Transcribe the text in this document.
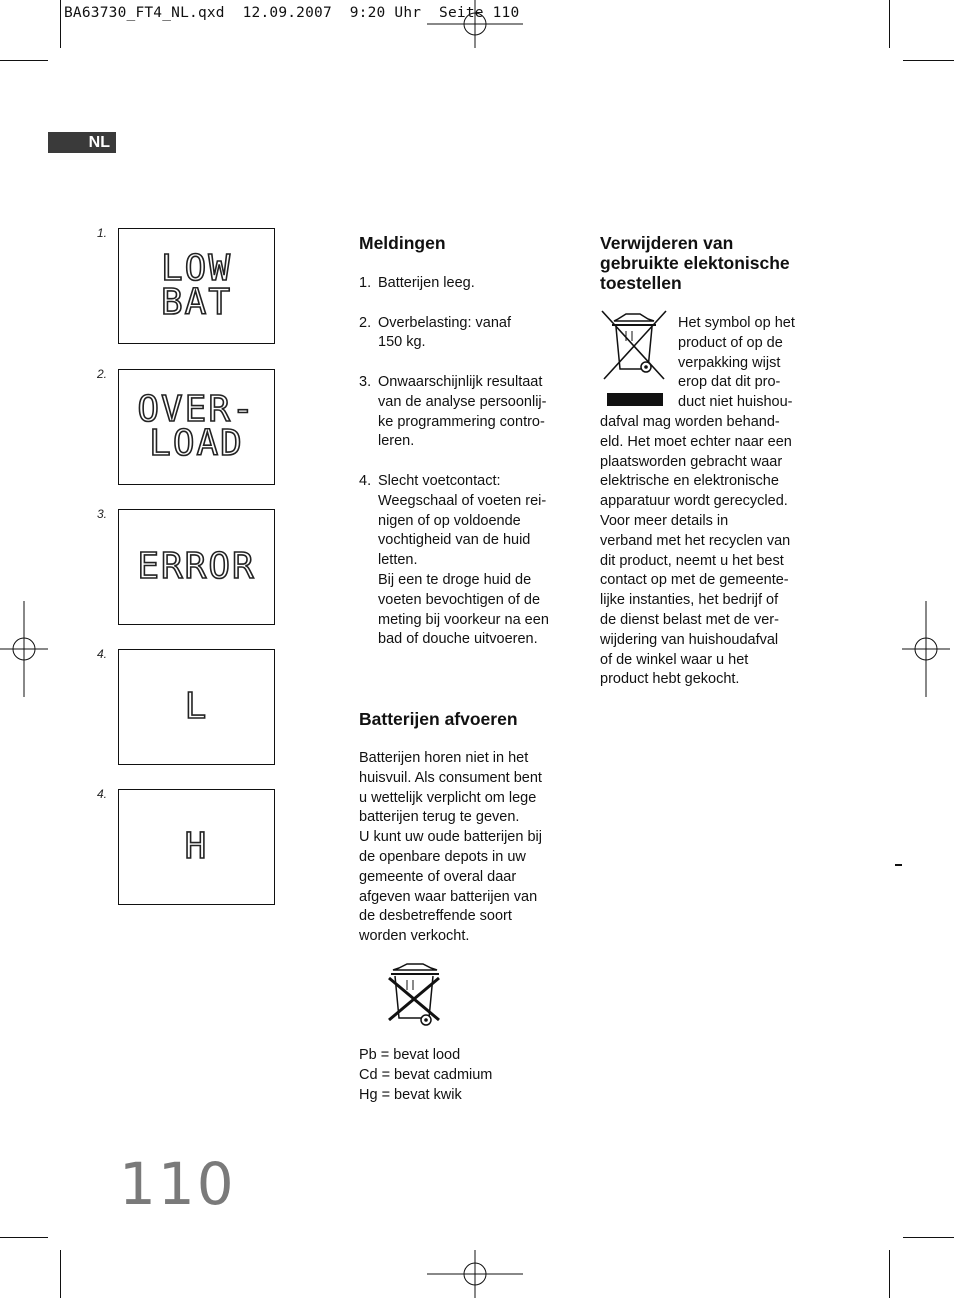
BA63730_FT4_NL.qxd  12.09.2007  9:20 Uhr  Seite 110
NL
1.
LOW
BAT
2.
OVER-
LOAD
3.
ERROR
4.
L
4.
H
Meldingen
1. Batterijen leeg.
2. Overbelasting: vanaf
150 kg.
3. Onwaarschijnlijk resultaat
van de analyse persoonlij-
ke programmering contro-
leren.
4. Slecht voetcontact:
Weegschaal of voeten rei-
nigen of op voldoende
vochtigheid van de huid
letten.
Bij een te droge huid de
voeten bevochtigen of de
meting bij voorkeur na een
bad of douche uitvoeren.
Batterijen afvoeren
Batterijen horen niet in het
huisvuil. Als consument bent
u wettelijk verplicht om lege
batterijen terug te geven.
U kunt uw oude batterijen bij
de openbare depots in uw
gemeente of overal daar
afgeven waar batterijen van
de desbetreffende soort
worden verkocht.
Pb = bevat lood
Cd = bevat cadmium
Hg = bevat kwik
Verwijderen van
gebruikte elektonische
toestellen
Het symbol op het
product of op de
verpakking wijst
erop dat dit pro-
duct niet huishou-
dafval mag worden behand-
eld. Het moet echter naar een
plaatsworden gebracht waar
elektrische en elektronische
apparatuur wordt gerecycled.
Voor meer details in
verband met het recyclen van
dit product, neemt u het best
contact op met de gemeente-
lijke instanties, het bedrijf of
de dienst belast met de ver-
wijdering van huishoudafval
of de winkel waar u het
product hebt gekocht.
110
